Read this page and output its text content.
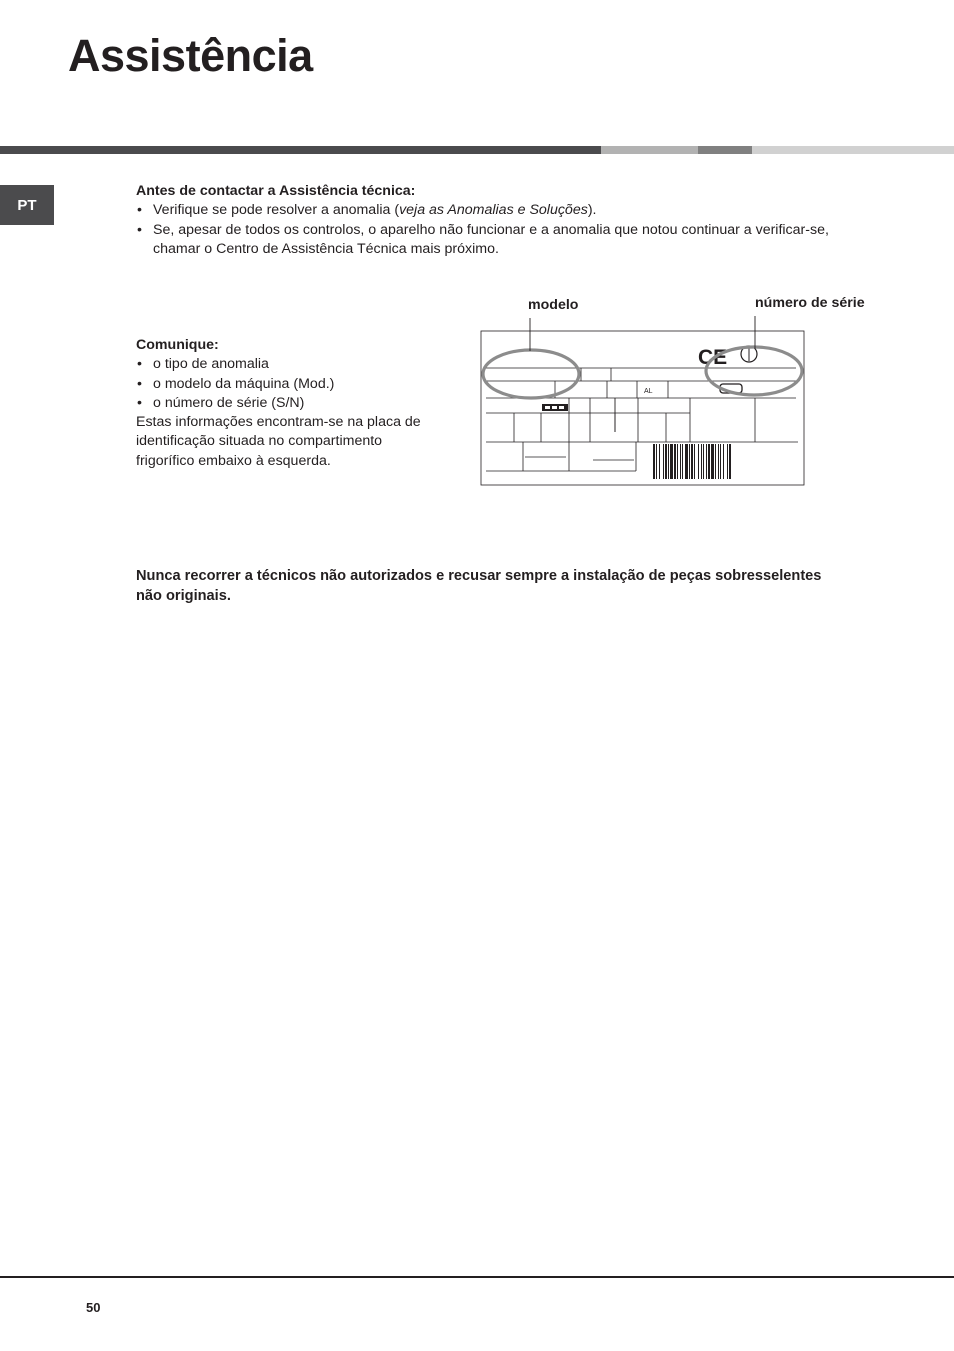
Assistência
PT
Antes de contactar a Assistência técnica:
• Verifique se pode resolver a anomalia (veja as Anomalias e Soluções).
• Se, apesar de todos os controlos, o aparelho não funcionar e a anomalia que notou continuar a verificar-se,
chamar o Centro de Assistência Técnica mais próximo.
Comunique:
• o tipo de anomalia
• o modelo da máquina (Mod.)
• o número de série (S/N)
Estas informações encontram-se na placa de
identificação situada no compartimento
frigorífico embaixo à esquerda.
modelo	número de série
AL
CE
Nunca recorrer a técnicos não autorizados e recusar sempre a instalação de peças sobresselentes
não originais.
50
